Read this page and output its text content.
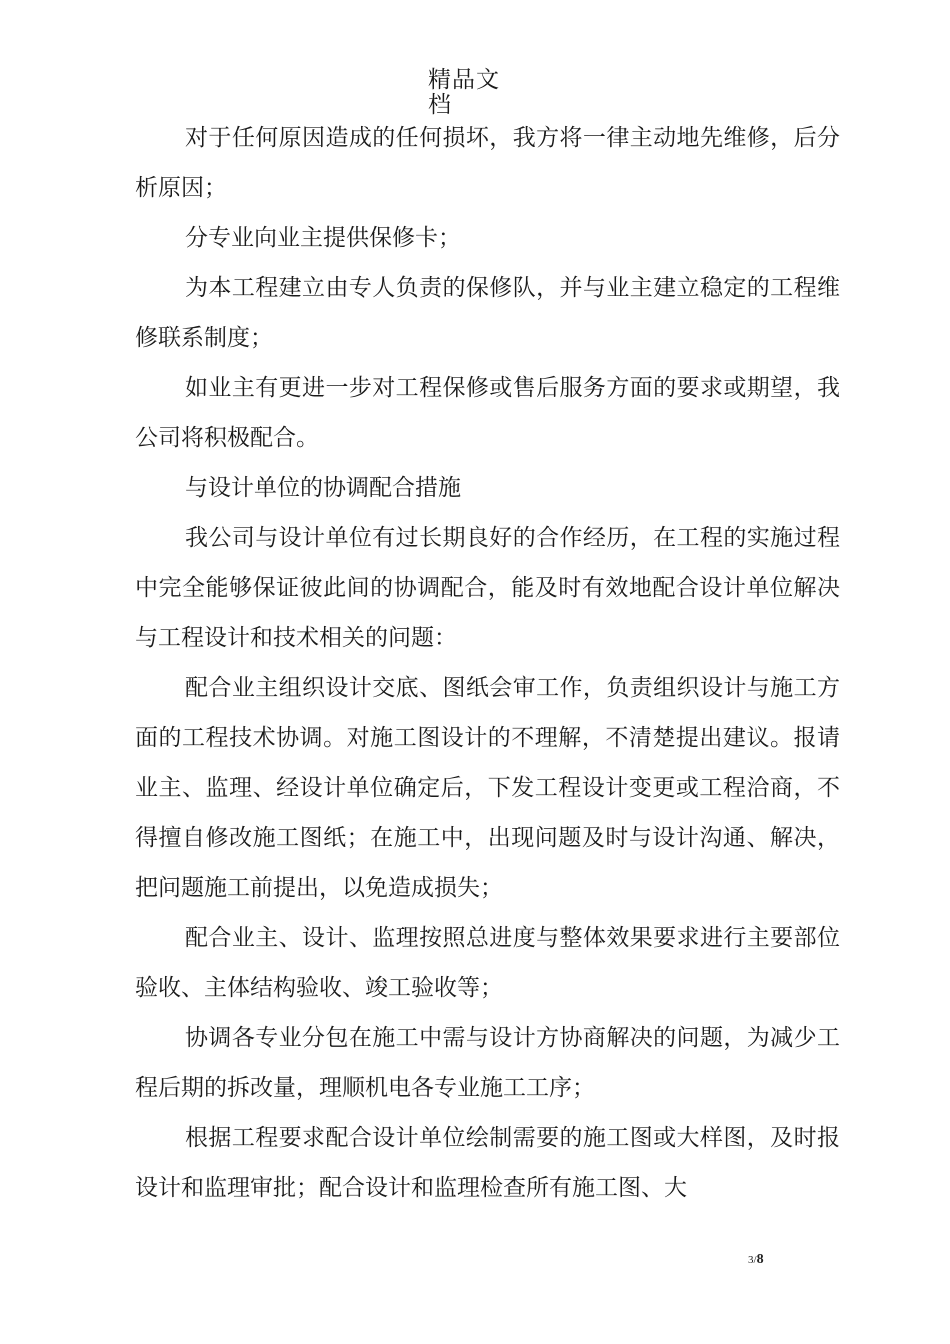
精品文
档

对于任何原因造成的任何损坏，我方将一律主动地先维修，后分析原因；

分专业向业主提供保修卡；

为本工程建立由专人负责的保修队，并与业主建立稳定的工程维修联系制度；

如业主有更进一步对工程保修或售后服务方面的要求或期望，我公司将积极配合。

与设计单位的协调配合措施

我公司与设计单位有过长期良好的合作经历，在工程的实施过程中完全能够保证彼此间的协调配合，能及时有效地配合设计单位解决与工程设计和技术相关的问题：

配合业主组织设计交底、图纸会审工作，负责组织设计与施工方面的工程技术协调。对施工图设计的不理解，不清楚提出建议。报请业主、监理、经设计单位确定后，下发工程设计变更或工程洽商，不得擅自修改施工图纸；在施工中，出现问题及时与设计沟通、解决，把问题施工前提出，以免造成损失；

配合业主、设计、监理按照总进度与整体效果要求进行主要部位验收、主体结构验收、竣工验收等；

协调各专业分包在施工中需与设计方协商解决的问题，为减少工程后期的拆改量，理顺机电各专业施工工序；

根据工程要求配合设计单位绘制需要的施工图或大样图，及时报设计和监理审批；配合设计和监理检查所有施工图、大

3/8
